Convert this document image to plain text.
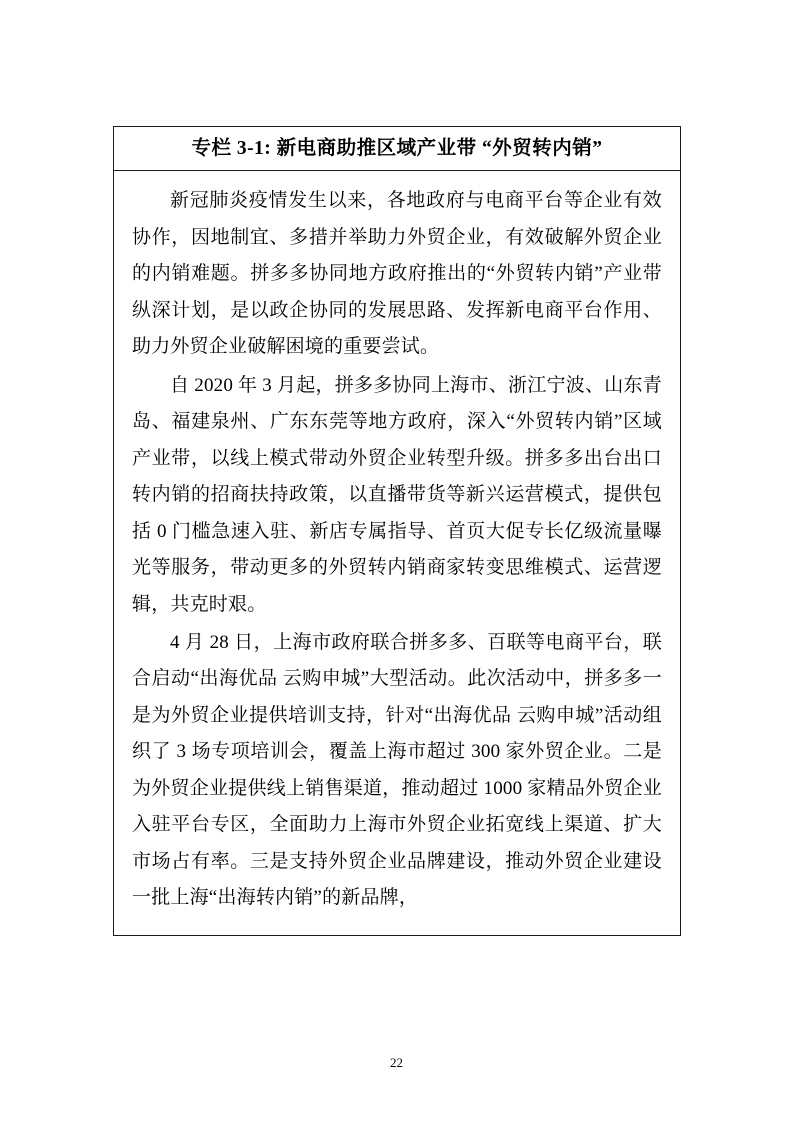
专栏 3-1: 新电商助推区域产业带 “外贸转内销”

新冠肺炎疫情发生以来，各地政府与电商平台等企业有效协作，因地制宜、多措并举助力外贸企业，有效破解外贸企业的内销难题。拼多多协同地方政府推出的“外贸转内销”产业带纵深计划，是以政企协同的发展思路、发挥新电商平台作用、助力外贸企业破解困境的重要尝试。

自 2020 年 3 月起，拼多多协同上海市、浙江宁波、山东青岛、福建泉州、广东东莞等地方政府，深入“外贸转内销”区域产业带，以线上模式带动外贸企业转型升级。拼多多出台出口转内销的招商扶持政策，以直播带货等新兴运营模式，提供包括 0 门槛急速入驻、新店专属指导、首页大促专长亿级流量曝光等服务，带动更多的外贸转内销商家转变思维模式、运营逻辑，共克时艰。

4 月 28 日，上海市政府联合拼多多、百联等电商平台，联合启动“出海优品 云购申城”大型活动。此次活动中，拼多多一是为外贸企业提供培训支持，针对“出海优品 云购申城”活动组织了 3 场专项培训会，覆盖上海市超过 300 家外贸企业。二是为外贸企业提供线上销售渠道，推动超过 1000 家精品外贸企业入驻平台专区，全面助力上海市外贸企业拓宽线上渠道、扩大市场占有率。三是支持外贸企业品牌建设，推动外贸企业建设一批上海“出海转内销”的新品牌，

22
